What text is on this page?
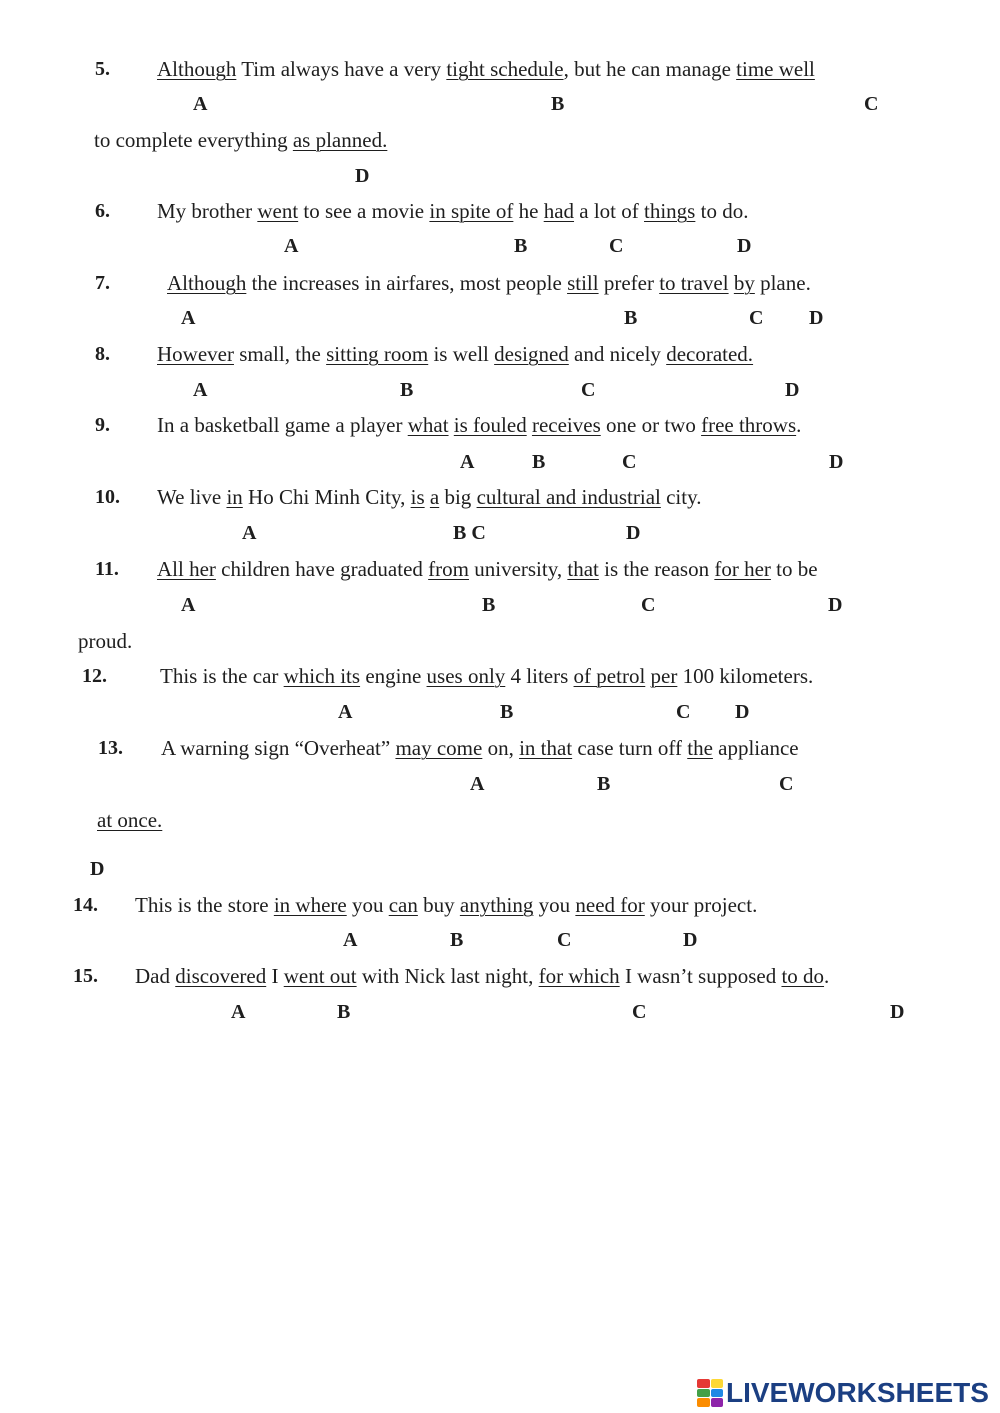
5. Although Tim always have a very tight schedule, but he can manage time well
A	B	C
to complete everything as planned.
D
6. My brother went to see a movie in spite of he had a lot of things to do.
A	B	C	D
7.	Although the increases in airfares, most people still prefer to travel by plane.
A	B	C D
8. However small, the sitting room is well designed and nicely decorated.
A	B	C	D
9. In a basketball game a player what is fouled receives one or two free throws.
A	B	C	D
10. We live in Ho Chi Minh City, is a big cultural and industrial city.
A	B C	D
11. All her children have graduated from university, that is the reason for her to be
A	B	C	D
proud.
12.	This is the car which its engine uses only 4 liters of petrol per 100 kilometers.
A	B	C D
13. A warning sign “Overheat” may come on, in that case turn off the appliance
A	B	C
at once.
D
14. This is the store in where you can buy anything you need for your project.
A	B	C	D
15. Dad discovered I went out with Nick last night, for which I wasn’t supposed to do.
A	B	C	D
LIVEWORKSHEETS
